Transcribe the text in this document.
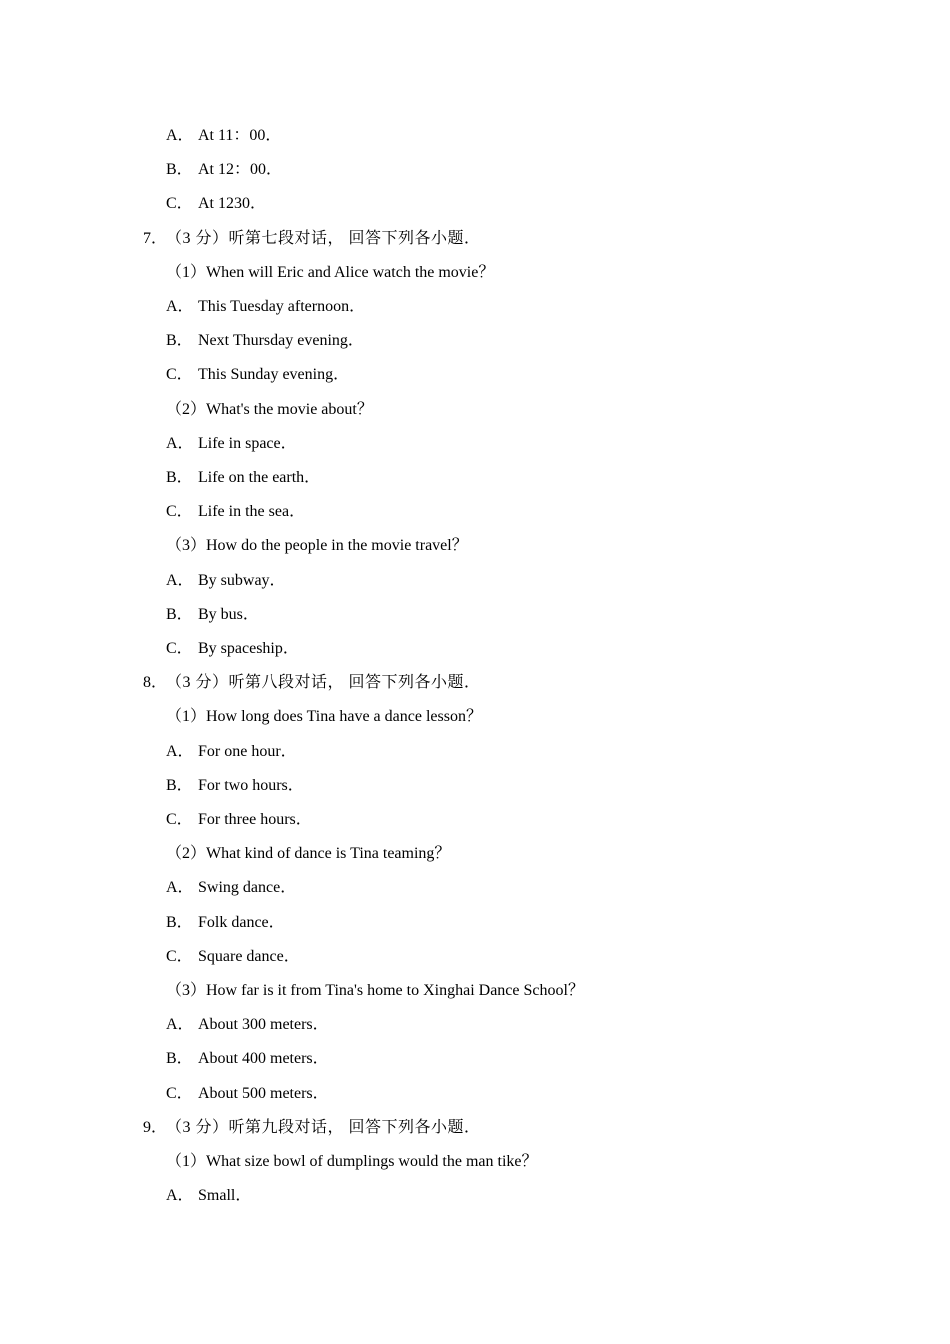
A． At 11：00．
B． At 12：00．
C． At 1230．
7．
（3 分）听第七段对话， 回答下列各小题．
（1）When will Eric and Alice watch the movie？
A． This Tuesday afternoon．
B． Next Thursday evening．
C． This Sunday evening．
（2）What's the movie about？
A． Life in space．
B． Life on the earth．
C． Life in the sea．
（3）How do the people in the movie travel？
A． By subway．
B． By bus．
C． By spaceship．
8．
（3 分）听第八段对话， 回答下列各小题．
（1）How long does Tina have a dance lesson？
A． For one hour．
B． For two hours．
C． For three hours．
（2）What kind of dance is Tina teaming？
A． Swing dance．
B． Folk dance．
C． Square dance．
（3）How far is it from Tina's home to Xinghai Dance School？
A． About 300 meters．
B． About 400 meters．
C． About 500 meters．
9．
（3 分）听第九段对话， 回答下列各小题．
（1）What size bowl of dumplings would the man tike？
A． Small．
